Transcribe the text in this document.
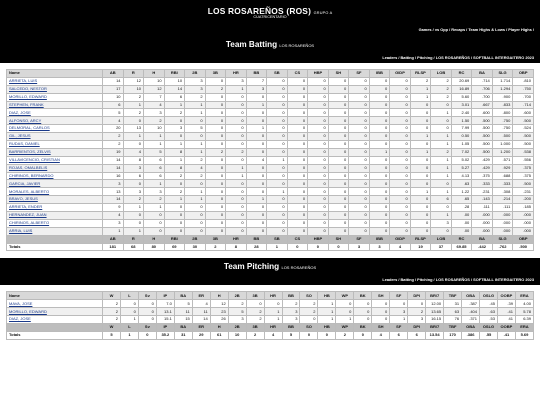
LOS ROSAREÑOS (ROS) GRUPO A
CUATRICENTARIO
Games / vs Opp / Recaps / Team Highs & Lows / Player Highs /
Team Batting LOS ROSAREÑOS
Leaders / Batting / Pitching / LOS ROSAREÑOS / SOFTBALL INTERGAITERO 2023
Name	AB	R	H	RBI	2B	3B	HR	BB	SB	CS	HBP	SH	SF	IBB	GIDP	RLSP	LOB	RC	BA	SLG	OBP
ARRIETA, LUIS	14	12	10	10	3	0	3	7	0	0	0	0	0	0	0	2	2	20.69	.714	1.714	.810
SALCEDO, NESTOR	17	10	12	14	3	2	1	3	0	0	0	0	0	0	0	1	2	16.89	.706	1.294	.750
MORILLO, EDWARD	10	2	7	6	2	0	0	0	0	0	0	0	0	0	0	1	2	5.60	.700	.900	.700
STEPHEN, FRANK	6	1	4	1	1	0	0	1	0	0	0	0	0	0	0	0	0	3.01	.667	.833	.714
DIAZ, JOSE	5	2	3	2	1	0	0	0	0	0	0	0	0	0	0	0	1	2.40	.600	.800	.600
ALFONSO, ARCY	4	0	2	0	0	0	0	0	0	0	0	0	0	0	0	0	0	1.50	.500	.750	.500
DELMORAL, CARLOS	20	13	10	3	5	0	0	1	0	0	0	0	0	0	0	0	0	7.99	.500	.750	.524
GIL, JESUS	2	1	1	0	0	0	0	0	0	0	0	0	0	0	0	1	1	0.50	.500	.500	.500
RUDAS, DANIEL	2	0	1	1	1	0	0	0	0	0	0	0	0	0	0	0	1	1.05	.500	1.000	.500
BARRIENTOS, ZELVIS	19	4	5	8	1	2	2	0	0	0	0	0	0	1	0	1	2	7.02	.500	1.200	.538
VILLAVICENCIO, CRISTIAN	14	8	6	1	2	0	0	4	1	0	0	0	0	0	0	0	1	5.02	.429	.571	.556
ROJAS, OMALBELIS	14	3	6	8	4	0	1	0	0	0	0	0	0	0	0	0	1	5.27	.429	.929	.375
CHIRINOS, BERNARDO	16	6	6	2	2	0	1	0	0	0	0	0	0	0	0	0	1	4.13	.375	.688	.375
GARCIA, JAVIER	3	0	1	0	0	0	0	0	0	0	0	0	0	0	0	0	0	.63	.333	.333	.500
MORALES, ALBERTO	13	3	3	2	1	0	0	0	1	0	0	0	0	0	0	1	1	1.22	.231	.308	.231
BRAVO, JESUS	14	2	2	1	1	0	0	1	0	0	0	0	0	0	0	0	6	.65	.143	.214	.200
ARRIETA, ENDER	9	1	1	0	0	0	0	0	0	0	0	0	0	0	0	0	0	.28	.111	.111	.185
HERNANDEZ, JUAN	4	0	0	0	0	0	0	0	0	0	0	0	0	0	0	0	1	.00	.000	.000	.000
CHIRINOS, ALBERTO	3	0	0	0	0	0	0	0	0	0	0	0	0	0	0	0	3	.00	.000	.000	.000
ARRIA, LUIS	1	1	0	0	0	0	0	0	0	0	0	0	0	0	0	0	0	.00	.000	.000	.000
	AB	R	H	RBI	2B	3B	HR	BB	SB	CS	HBP	SH	SF	IBB	GIDP	RLSP	LOB	RC	BA	SLG	OBP
Totals	181	68	80	69	30	2	8	28	1	0	0	0	3	3	4	19	37	69.85	.442	.762	.500
Team Pitching LOS ROSAREÑOS
Leaders / Batting / Pitching / LOS ROSAREÑOS / SOFTBALL INTERGAITERO 2023
Name	W	L	Sv	IP	BA	ER	H	2B	3B	HR	BB	SO	HB	WP	BK	SH	SF	DPI	BR/7	TBF	OBA	OSLG	OOBP	ERA
MAVA, JOSE	2	0	0	7.0	5	4	12	2	0	0	2	2	1	0	0	0	0	0	12.00	31	.387	.45	.39	4.00
MORILLO, EDWARD	2	0	0	13.1	11	11	23	5	2	1	3	2	1	0	0	0	3	2	13.65	63	.404	.63	.41	5.78
DIAZ, JOSE	2	1	0	15.1	15	14	26	3	2	1	3	0	1	1	0	0	1	3	16.15	76	.371	.53	41	6.39
	W	L	Sv	IP	BA	ER	H	2B	3B	HR	BB	SO	HB	WP	BK	SH	SF	DPI	BR/7	TBF	OBA	OSLG	OOBP	ERA
Totals	5	1	0	35.2	31	29	61	10	2	4	5	0	0	2	0	4	6	6	13.54	170	.386	.55	.41	5.69
